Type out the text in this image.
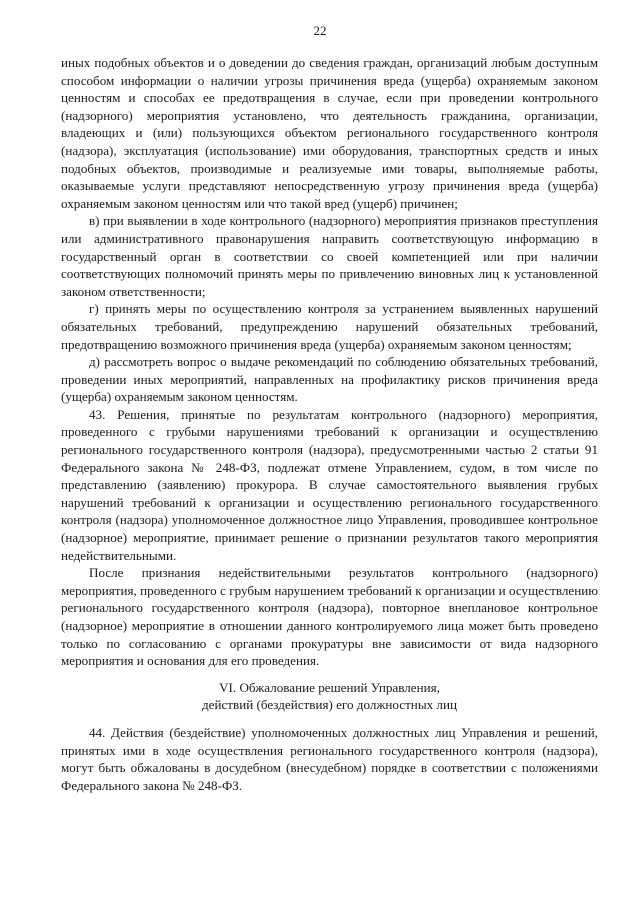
22

иных подобных объектов и о доведении до сведения граждан, организаций любым доступным способом информации о наличии угрозы причинения вреда (ущерба) охраняемым законом ценностям и способах ее предотвращения в случае, если при проведении контрольного (надзорного) мероприятия установлено, что деятельность гражданина, организации, владеющих и (или) пользующихся объектом регионального государственного контроля (надзора), эксплуатация (использование) ими оборудования, транспортных средств и иных подобных объектов, производимые и реализуемые ими товары, выполняемые работы, оказываемые услуги представляют непосредственную угрозу причинения вреда (ущерба) охраняемым законом ценностям или что такой вред (ущерб) причинен;

в) при выявлении в ходе контрольного (надзорного) мероприятия признаков преступления или административного правонарушения направить соответствующую информацию в государственный орган в соответствии со своей компетенцией или при наличии соответствующих полномочий принять меры по привлечению виновных лиц к установленной законом ответственности;

г) принять меры по осуществлению контроля за устранением выявленных нарушений обязательных требований, предупреждению нарушений обязательных требований, предотвращению возможного причинения вреда (ущерба) охраняемым законом ценностям;

д) рассмотреть вопрос о выдаче рекомендаций по соблюдению обязательных требований, проведении иных мероприятий, направленных на профилактику рисков причинения вреда (ущерба) охраняемым законом ценностям.

43. Решения, принятые по результатам контрольного (надзорного) мероприятия, проведенного с грубыми нарушениями требований к организации и осуществлению регионального государственного контроля (надзора), предусмотренными частью 2 статьи 91 Федерального закона № 248-ФЗ, подлежат отмене Управлением, судом, в том числе по представлению (заявлению) прокурора. В случае самостоятельного выявления грубых нарушений требований к организации и осуществлению регионального государственного контроля (надзора) уполномоченное должностное лицо Управления, проводившее контрольное (надзорное) мероприятие, принимает решение о признании результатов такого мероприятия недействительными.

После признания недействительными результатов контрольного (надзорного) мероприятия, проведенного с грубым нарушением требований к организации и осуществлению регионального государственного контроля (надзора), повторное внеплановое контрольное (надзорное) мероприятие в отношении данного контролируемого лица может быть проведено только по согласованию с органами прокуратуры вне зависимости от вида надзорного мероприятия и основания для его проведения.

VI. Обжалование решений Управления,
действий (бездействия) его должностных лиц

44. Действия (бездействие) уполномоченных должностных лиц Управления и решений, принятых ими в ходе осуществления регионального государственного контроля (надзора), могут быть обжалованы в досудебном (внесудебном) порядке в соответствии с положениями Федерального закона № 248-ФЗ.
